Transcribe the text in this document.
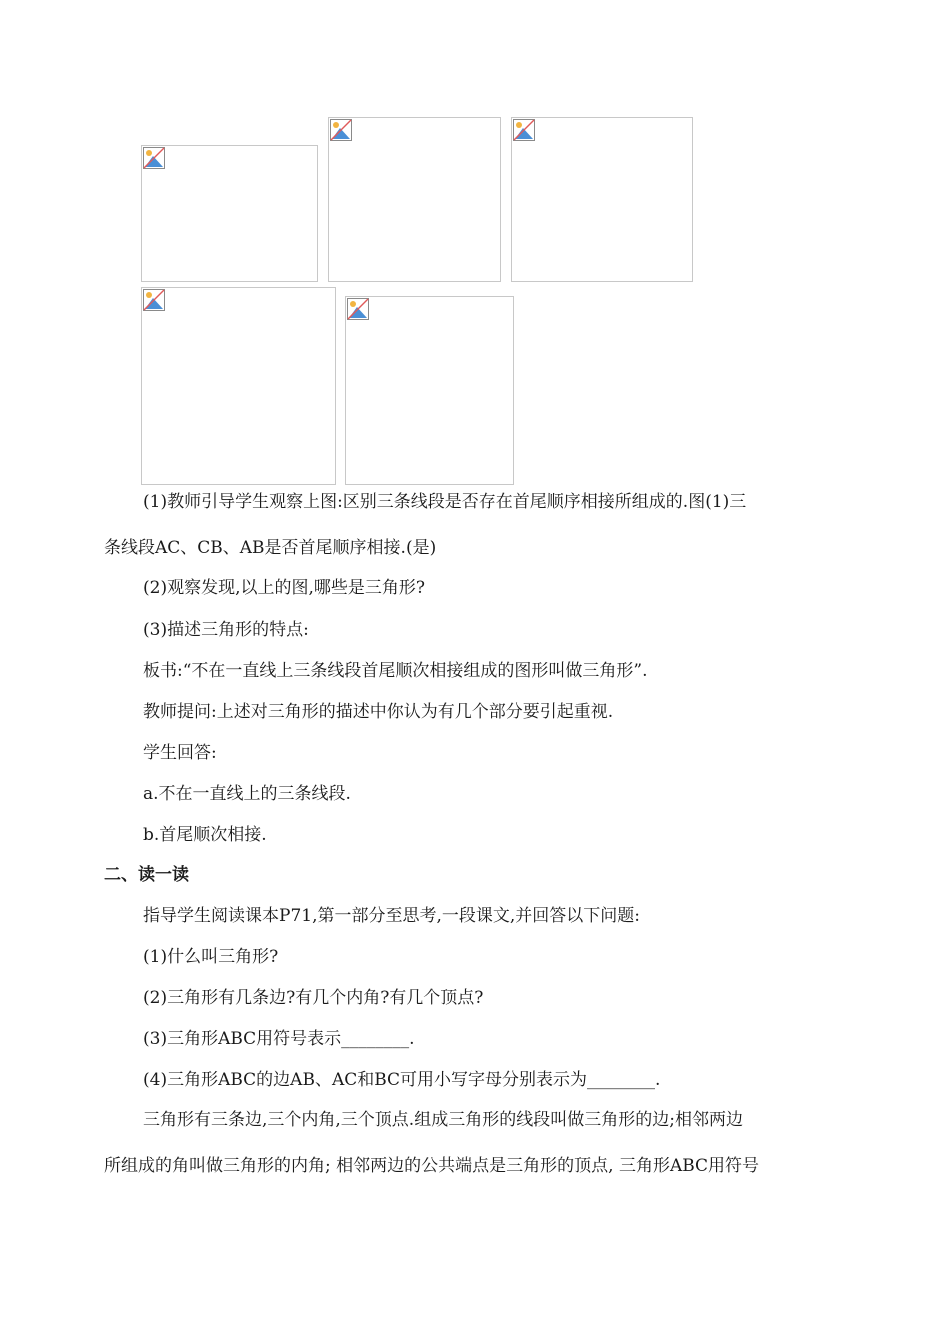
(1)教师引导学生观察上图:区别三条线段是否存在首尾顺序相接所组成的.图(1)三
条线段AC、CB、AB是否首尾顺序相接.(是)
(2)观察发现,以上的图,哪些是三角形?
(3)描述三角形的特点:
板书:“不在一直线上三条线段首尾顺次相接组成的图形叫做三角形”.
教师提问:上述对三角形的描述中你认为有几个部分要引起重视.
学生回答:
a.不在一直线上的三条线段.
b.首尾顺次相接.
二、读一读
指导学生阅读课本P71,第一部分至思考,一段课文,并回答以下问题:
(1)什么叫三角形?
(2)三角形有几条边?有几个内角?有几个顶点?
(3)三角形ABC用符号表示________.
(4)三角形ABC的边AB、AC和BC可用小写字母分别表示为________.
三角形有三条边,三个内角,三个顶点.组成三角形的线段叫做三角形的边;相邻两边
所组成的角叫做三角形的内角; 相邻两边的公共端点是三角形的顶点, 三角形ABC用符号
